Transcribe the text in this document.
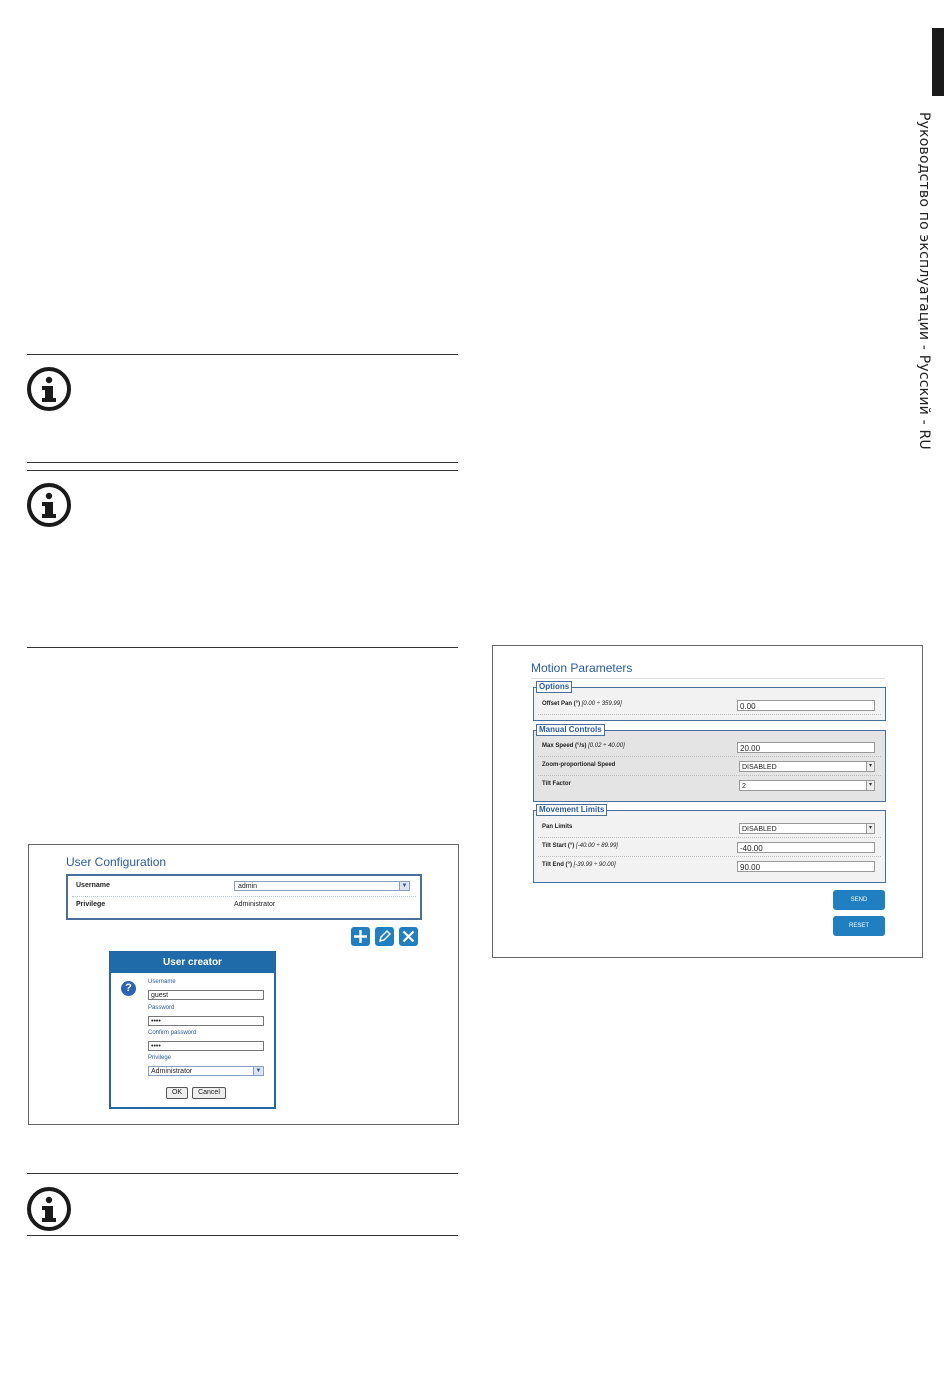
Руководство по эксплуатации - Русский - RU
User Configuration
Username	admin	▼
Privilege	Administrator
User creator
?	Username
guest
Password
••••
Confirm password
••••
Privilege
Administrator	▼
OK	Cancel
Motion Parameters
Options
Offset Pan (°) [0.00 ÷ 359.99]	0.00
Manual Controls
Max Speed (°/s) [0.02 ÷ 40.00]	20.00
Zoom-proportional Speed	DISABLED	▾
Tilt Factor	2	▾
Movement Limits
Pan Limits	DISABLED	▾
Tilt Start (°) [-40.00 ÷ 89.99]	-40.00
Tilt End (°) [-39.99 ÷ 90.00]	90.00
SEND
RESET
